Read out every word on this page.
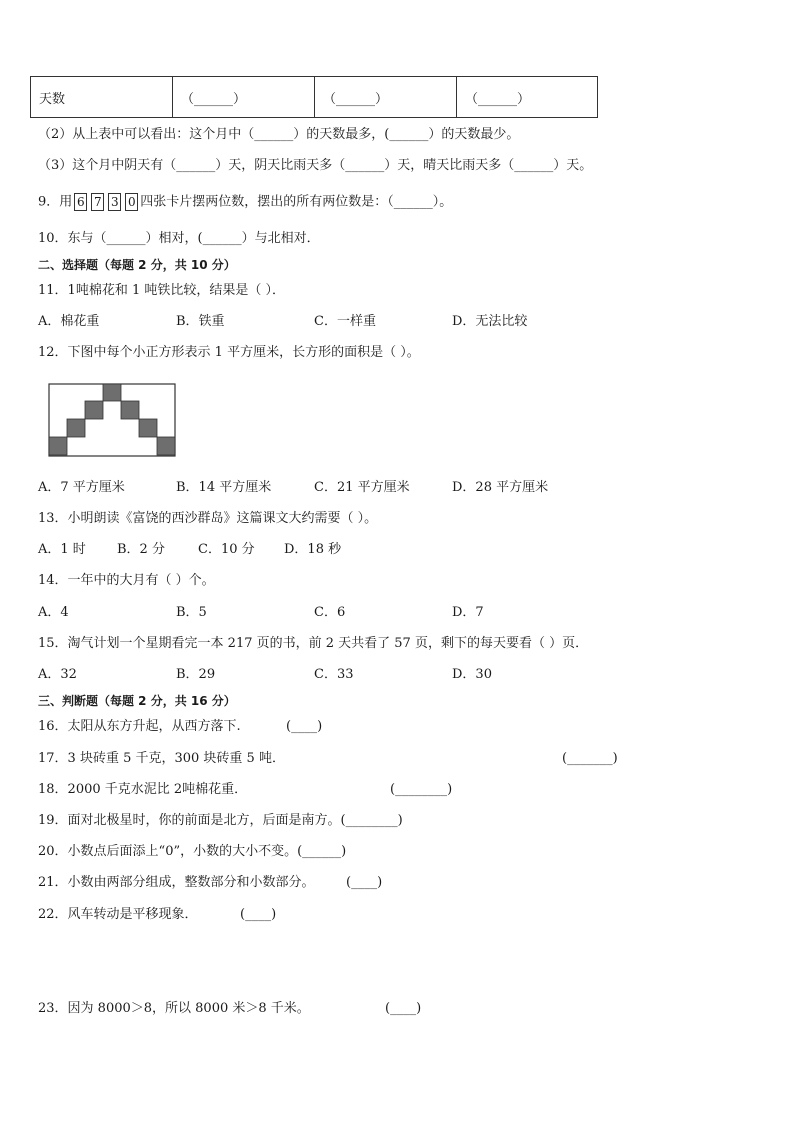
天数	（______）	（______）	（______）
（2）从上表中可以看出：这个月中（______）的天数最多，(______）的天数最少。
（3）这个月中阴天有（______）天，阴天比雨天多（______）天，晴天比雨天多（______）天。
9．用 6 7 3 0 四张卡片摆两位数，摆出的所有两位数是：（______）。
10．东与（______）相对，(______）与北相对．
二、选择题（每题 2 分，共 10 分）
11．1吨棉花和 1 吨铁比较，结果是（ ）．
A．棉花重	B．铁重	C．一样重	D．无法比较
12．下图中每个小正方形表示 1 平方厘米，长方形的面积是（ ）。
A．7 平方厘米	B．14 平方厘米	C．21 平方厘米	D．28 平方厘米
13．小明朗读《富饶的西沙群岛》这篇课文大约需要（ ）。
A．1 时 B．2 分	C．10 分 D．18 秒
14．一年中的大月有（ ）个。
A．4	B．5	C．6	D．7
15．淘气计划一个星期看完一本 217 页的书，前 2 天共看了 57 页，剩下的每天要看（ ）页．
A．32	B．29	C．33	D．30
三、判断题（每题 2 分，共 16 分）
16．太阳从东方升起，从西方落下.	(____)
17．3 块砖重 5 千克，300 块砖重 5 吨．	(_______)
18．2000 千克水泥比 2吨棉花重．	(________)
19．面对北极星时，你的前面是北方，后面是南方。(________)
20．小数点后面添上“0”，小数的大小不变。(______)
21．小数由两部分组成，整数部分和小数部分。 (____)
22．风车转动是平移现象．	(____)
23．因为 8000＞8，所以 8000 米＞8 千米。	(____)
